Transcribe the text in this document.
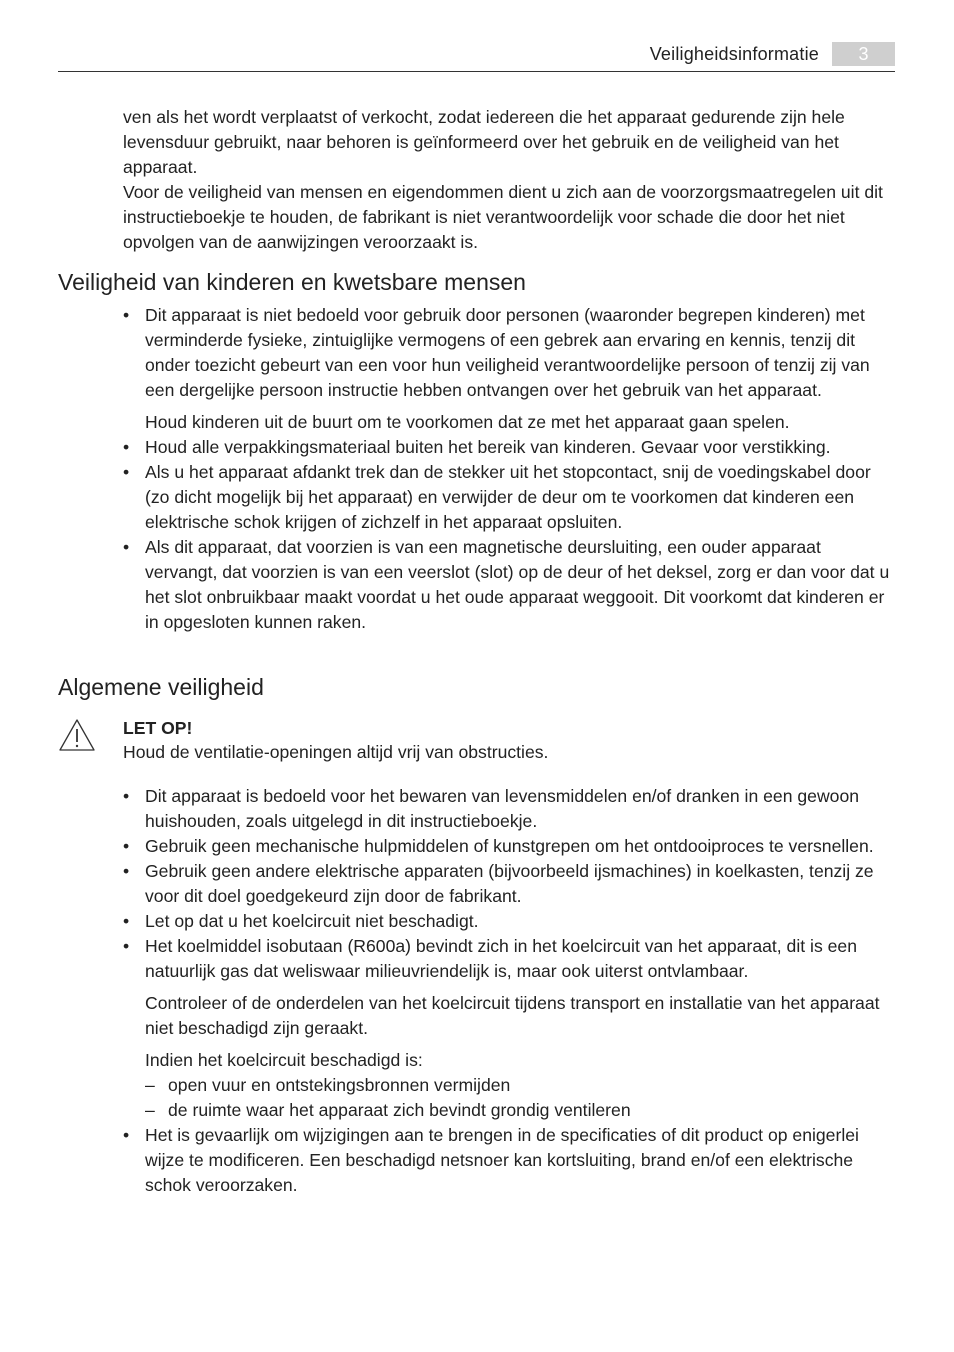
Veiligheidsinformatie	3

ven als het wordt verplaatst of verkocht, zodat iedereen die het apparaat gedurende zijn hele levensduur gebruikt, naar behoren is geïnformeerd over het gebruik en de veiligheid van het apparaat.

Voor de veiligheid van mensen en eigendommen dient u zich aan de voorzorgsmaatregelen uit dit instructieboekje te houden, de fabrikant is niet verantwoordelijk voor schade die door het niet opvolgen van de aanwijzingen veroorzaakt is.

Veiligheid van kinderen en kwetsbare mensen
• Dit apparaat is niet bedoeld voor gebruik door personen (waaronder begrepen kinderen) met verminderde fysieke, zintuiglijke vermogens of een gebrek aan ervaring en kennis, tenzij dit onder toezicht gebeurt van een voor hun veiligheid verantwoordelijke persoon of tenzij zij van een dergelijke persoon instructie hebben ontvangen over het gebruik van het apparaat.
Houd kinderen uit de buurt om te voorkomen dat ze met het apparaat gaan spelen.
• Houd alle verpakkingsmateriaal buiten het bereik van kinderen. Gevaar voor verstikking.
• Als u het apparaat afdankt trek dan de stekker uit het stopcontact, snij de voedingskabel door (zo dicht mogelijk bij het apparaat) en verwijder de deur om te voorkomen dat kinderen een elektrische schok krijgen of zichzelf in het apparaat opsluiten.
• Als dit apparaat, dat voorzien is van een magnetische deursluiting, een ouder apparaat vervangt, dat voorzien is van een veerslot (slot) op de deur of het deksel, zorg er dan voor dat u het slot onbruikbaar maakt voordat u het oude apparaat weggooit. Dit voorkomt dat kinderen er in opgesloten kunnen raken.
Algemene veiligheid
LET OP!
Houd de ventilatie-openingen altijd vrij van obstructies.
• Dit apparaat is bedoeld voor het bewaren van levensmiddelen en/of dranken in een gewoon huishouden, zoals uitgelegd in dit instructieboekje.
• Gebruik geen mechanische hulpmiddelen of kunstgrepen om het ontdooiproces te versnellen.
• Gebruik geen andere elektrische apparaten (bijvoorbeeld ijsmachines) in koelkasten, tenzij ze voor dit doel goedgekeurd zijn door de fabrikant.
• Let op dat u het koelcircuit niet beschadigt.
• Het koelmiddel isobutaan (R600a) bevindt zich in het koelcircuit van het apparaat, dit is een natuurlijk gas dat weliswaar milieuvriendelijk is, maar ook uiterst ontvlambaar.
Controleer of de onderdelen van het koelcircuit tijdens transport en installatie van het apparaat niet beschadigd zijn geraakt.
Indien het koelcircuit beschadigd is:
– open vuur en ontstekingsbronnen vermijden
– de ruimte waar het apparaat zich bevindt grondig ventileren
• Het is gevaarlijk om wijzigingen aan te brengen in de specificaties of dit product op enigerlei wijze te modificeren. Een beschadigd netsnoer kan kortsluiting, brand en/of een elektrische schok veroorzaken.
